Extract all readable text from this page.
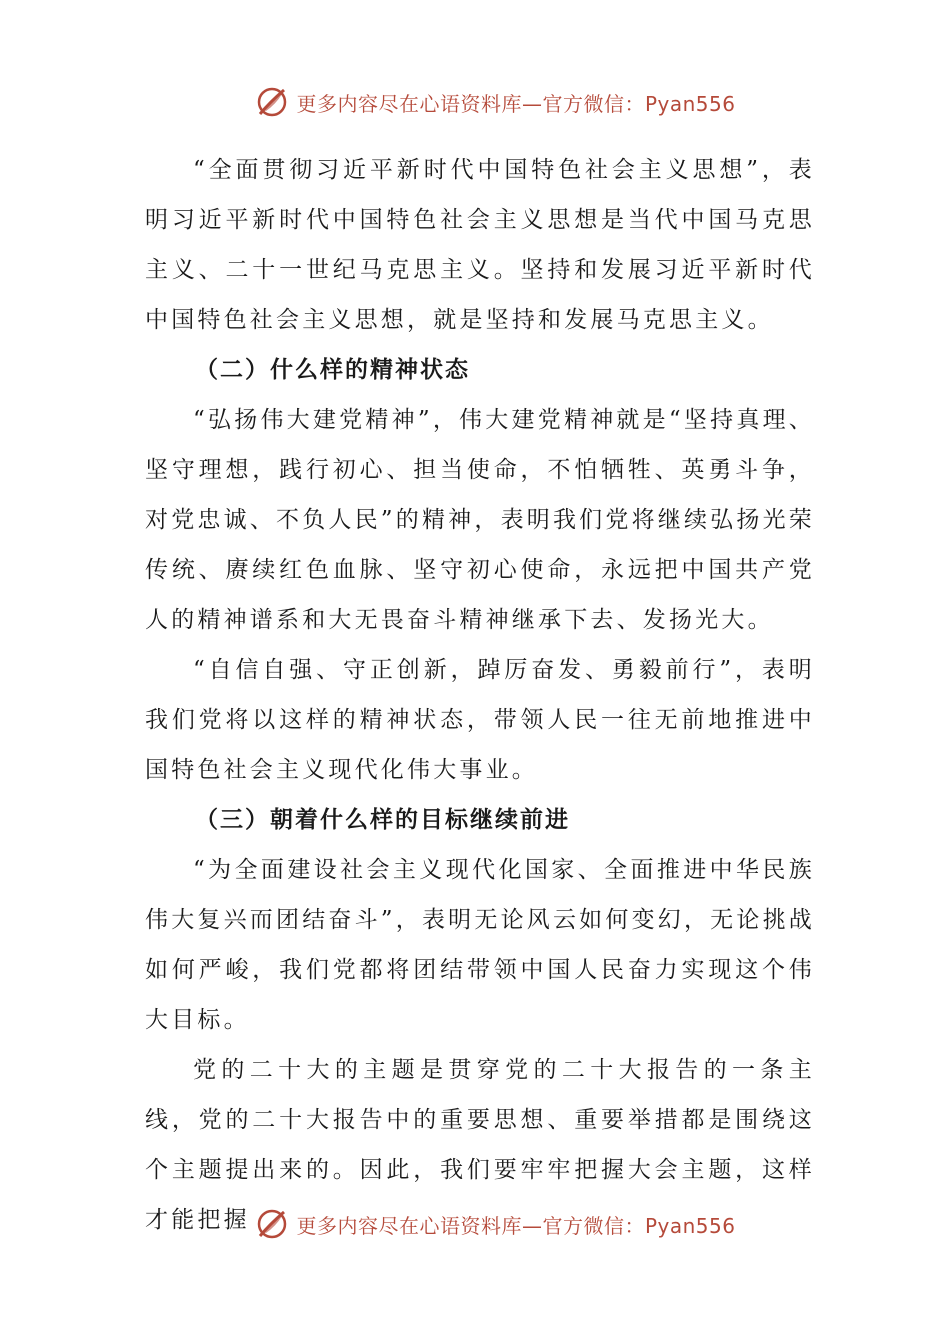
更多内容尽在心语资料库—官方微信：Pyan556

“全面贯彻习近平新时代中国特色社会主义思想”，表明习近平新时代中国特色社会主义思想是当代中国马克思主义、二十一世纪马克思主义。坚持和发展习近平新时代中国特色社会主义思想，就是坚持和发展马克思主义。

（二）什么样的精神状态

“弘扬伟大建党精神”，伟大建党精神就是“坚持真理、坚守理想，践行初心、担当使命，不怕牺牲、英勇斗争，对党忠诚、不负人民”的精神，表明我们党将继续弘扬光荣传统、赓续红色血脉、坚守初心使命，永远把中国共产党人的精神谱系和大无畏奋斗精神继承下去、发扬光大。

“自信自强、守正创新，踔厉奋发、勇毅前行”，表明我们党将以这样的精神状态，带领人民一往无前地推进中国特色社会主义现代化伟大事业。

（三）朝着什么样的目标继续前进

“为全面建设社会主义现代化国家、全面推进中华民族伟大复兴而团结奋斗”，表明无论风云如何变幻，无论挑战如何严峻，我们党都将团结带领中国人民奋力实现这个伟大目标。

党的二十大的主题是贯穿党的二十大报告的一条主线，党的二十大报告中的重要思想、重要举措都是围绕这个主题提出来的。因此，我们要牢牢把握大会主题，这样才能把握	更多内容尽在心语资料库—官方微信：Pyan556
